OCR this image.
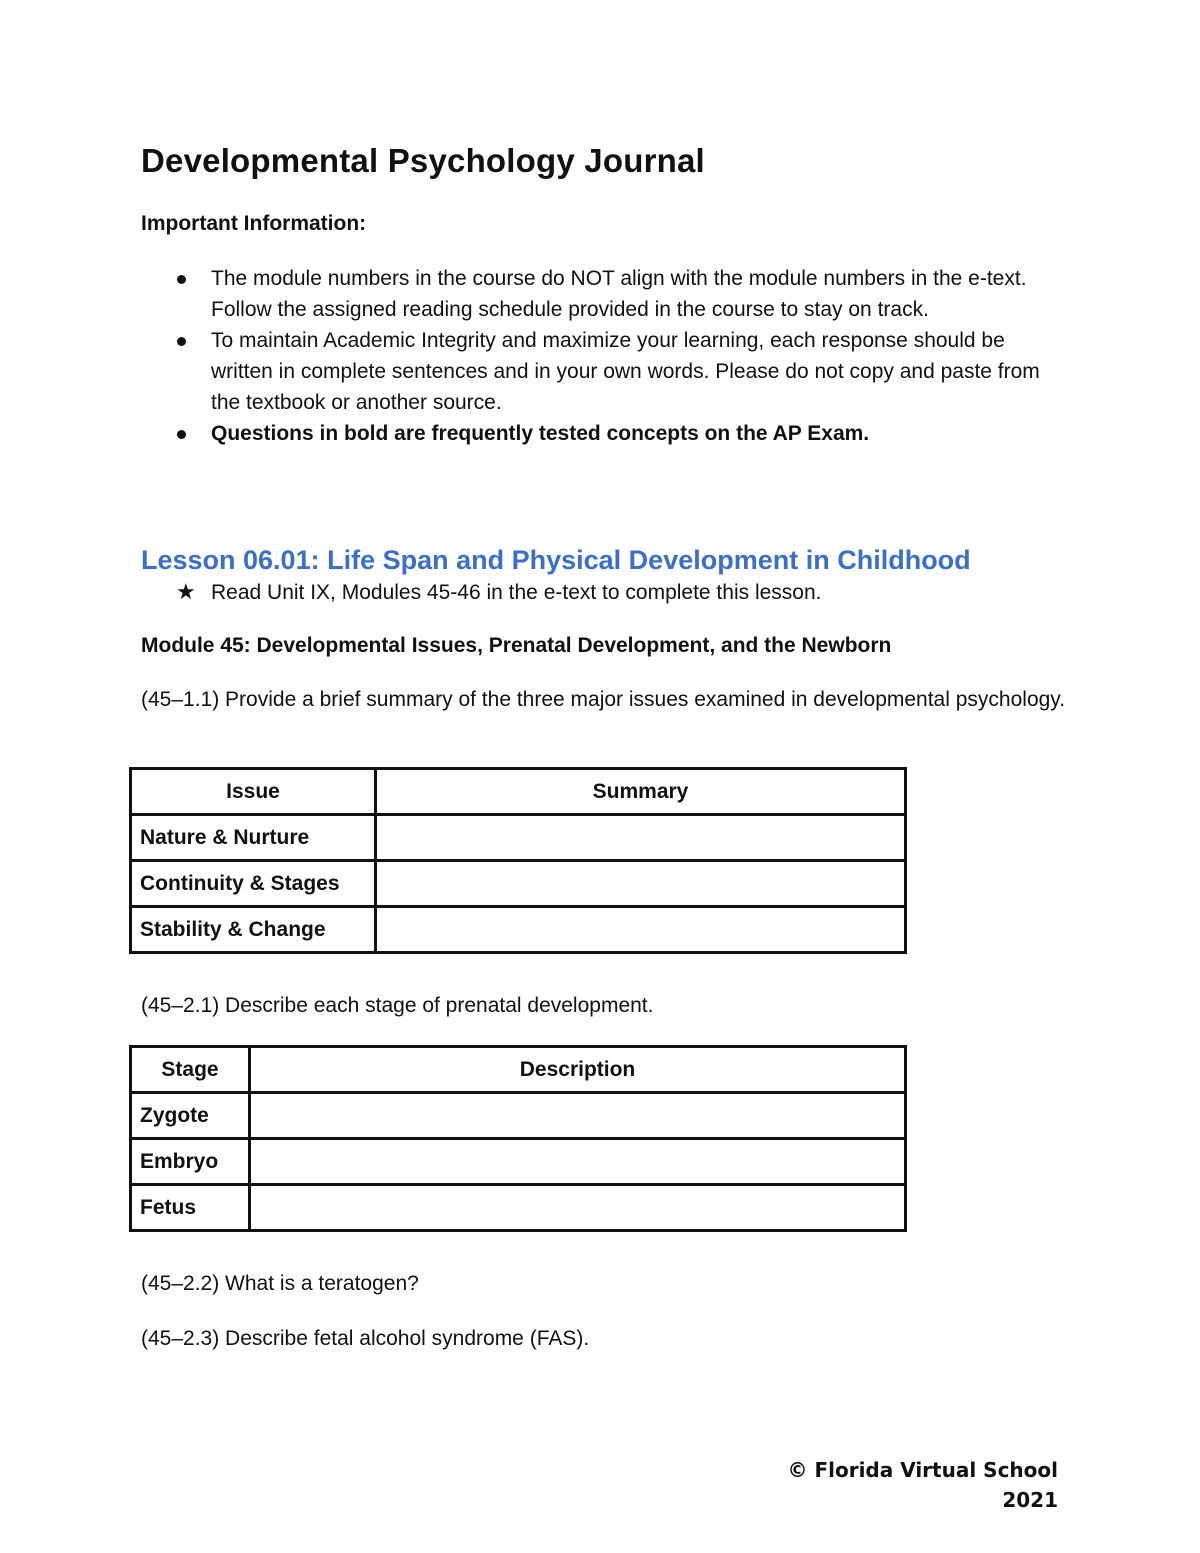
Developmental Psychology Journal
Important Information:
The module numbers in the course do NOT align with the module numbers in the e-text. Follow the assigned reading schedule provided in the course to stay on track.
To maintain Academic Integrity and maximize your learning, each response should be written in complete sentences and in your own words. Please do not copy and paste from the textbook or another source.
Questions in bold are frequently tested concepts on the AP Exam.
Lesson 06.01: Life Span and Physical Development in Childhood
★ Read Unit IX, Modules 45-46 in the e-text to complete this lesson.
Module 45: Developmental Issues, Prenatal Development, and the Newborn

(45–1.1) Provide a brief summary of the three major issues examined in developmental psychology.

Issue	Summary
Nature & Nurture	
Continuity & Stages	
Stability & Change	

(45–2.1) Describe each stage of prenatal development.

Stage	Description
Zygote	
Embryo	
Fetus	

(45–2.2) What is a teratogen?

(45–2.3) Describe fetal alcohol syndrome (FAS).

© Florida Virtual School 2021
